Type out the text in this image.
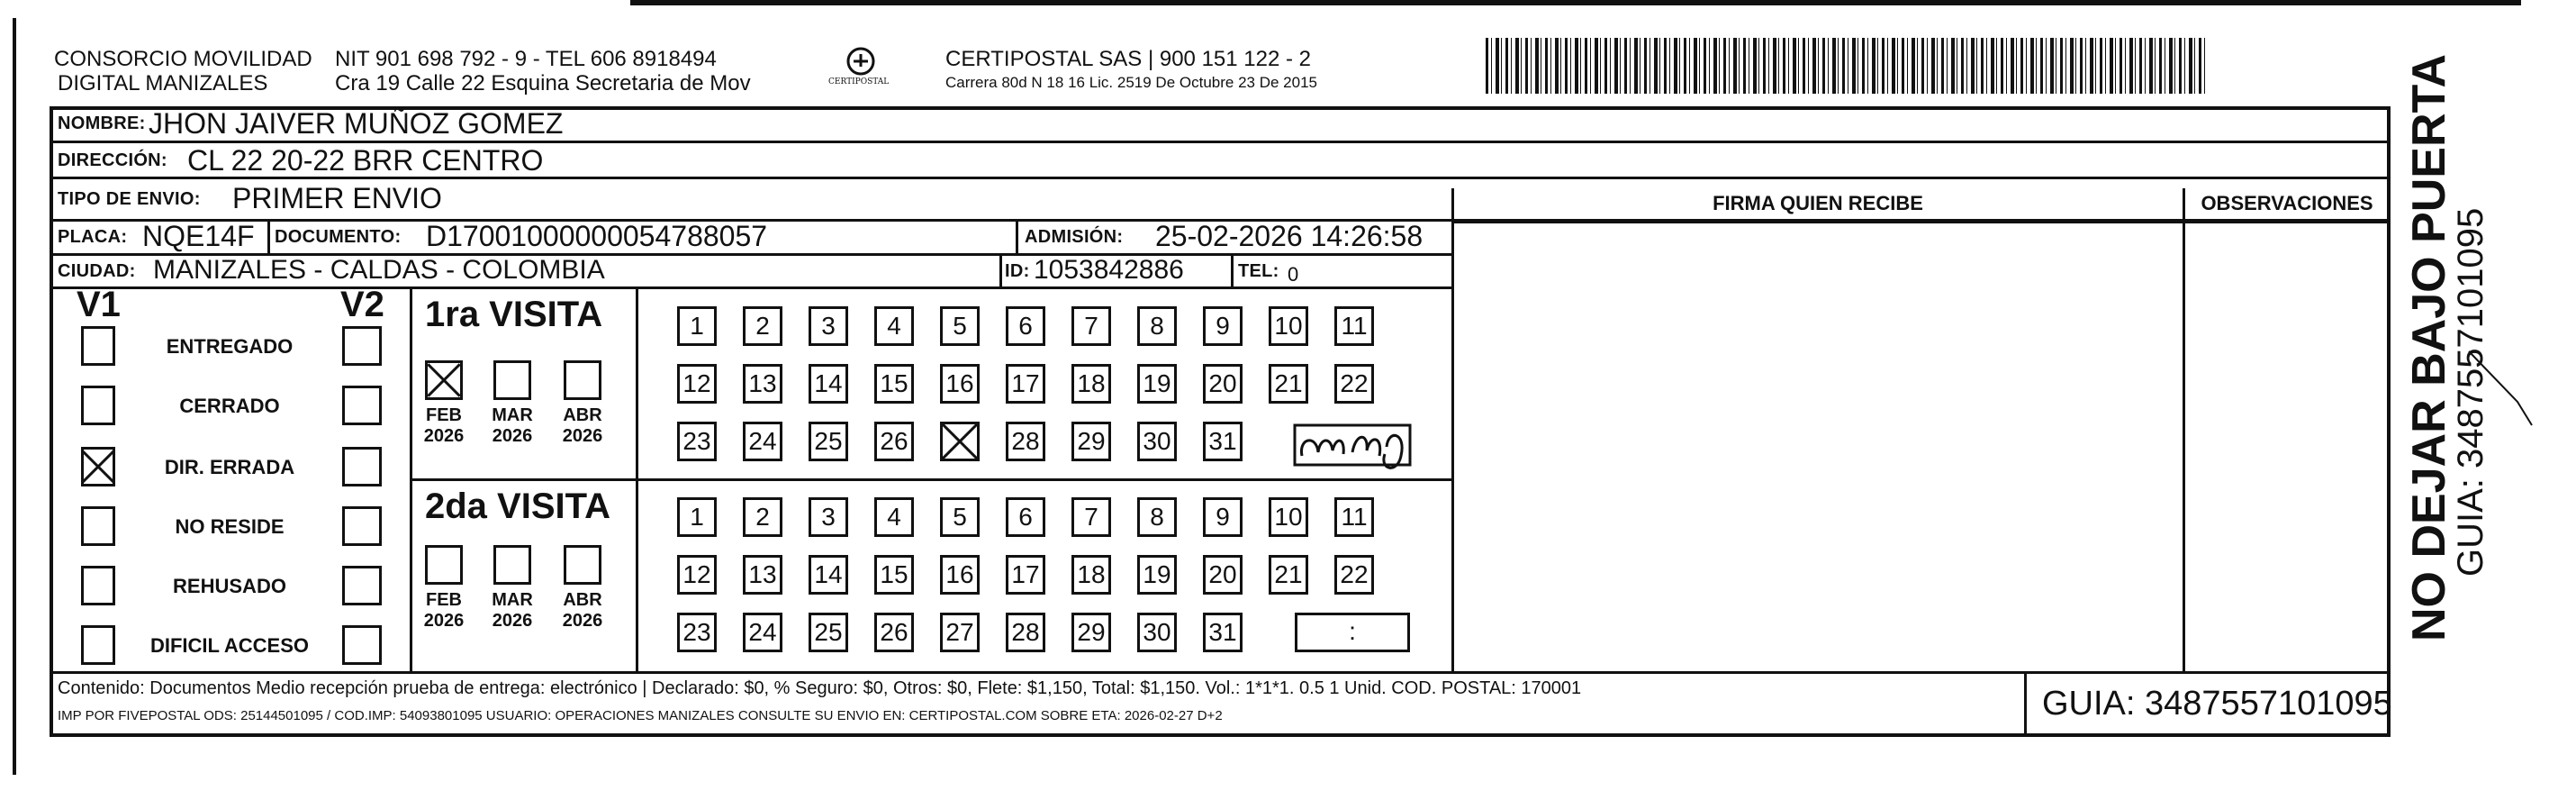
CONSORCIO MOVILIDAD
DIGITAL MANIZALES
NIT 901 698 792 - 9 - TEL 606 8918494
Cra 19 Calle 22 Esquina Secretaria de Mov	CERTIPOSTAL
CERTIPOSTAL SAS | 900 151 122 - 2
Carrera 80d N 18 16 Lic. 2519 De Octubre 23 De 2015
NOMBRE: JHON JAIVER MUÑOZ GOMEZ
DIRECCIÓN: CL 22 20-22 BRR CENTRO
TIPO DE ENVIO: PRIMER ENVIO	FIRMA QUIEN RECIBE	OBSERVACIONES
PLACA: NQE14F DOCUMENTO: D17001000000054788057	ADMISIÓN: 25-02-2026 14:26:58
CIUDAD: MANIZALES - CALDAS - COLOMBIA	ID: 1053842886	TEL: 0
V1	V2
ENTREGADO
CERRADO
DIR. ERRADA
NO RESIDE
REHUSADO
DIFICIL ACCESO
1ra VISITA
2da VISITA
FEB
2026
MAR
2026
ABR
2026
FEB
2026
MAR
2026
ABR
2026
1	2	3	4	5	6	7	8	9	10 11
12 13 14 15 16 17 18 19 20 21 22
23 24 25 26	28 29 30 31
1	2	3	4	5	6	7	8	9	10 11
12 13 14 15 16 17 18 19 20 21 22
23 24 25 26 27 28 29 30 31	:
Contenido: Documentos Medio recepción prueba de entrega: electrónico | Declarado: $0, % Seguro: $0, Otros: $0, Flete: $1,150, Total: $1,150. Vol.: 1*1*1. 0.5 1 Unid. COD. POSTAL: 170001
IMP POR FIVEPOSTAL ODS: 25144501095 / COD.IMP: 54093801095 USUARIO: OPERACIONES MANIZALES CONSULTE SU ENVIO EN: CERTIPOSTAL.COM SOBRE ETA: 2026-02-27 D+2	GUIA: 3487557101095
NO DEJAR BAJO PUERTA
GUIA: 3487557101095
